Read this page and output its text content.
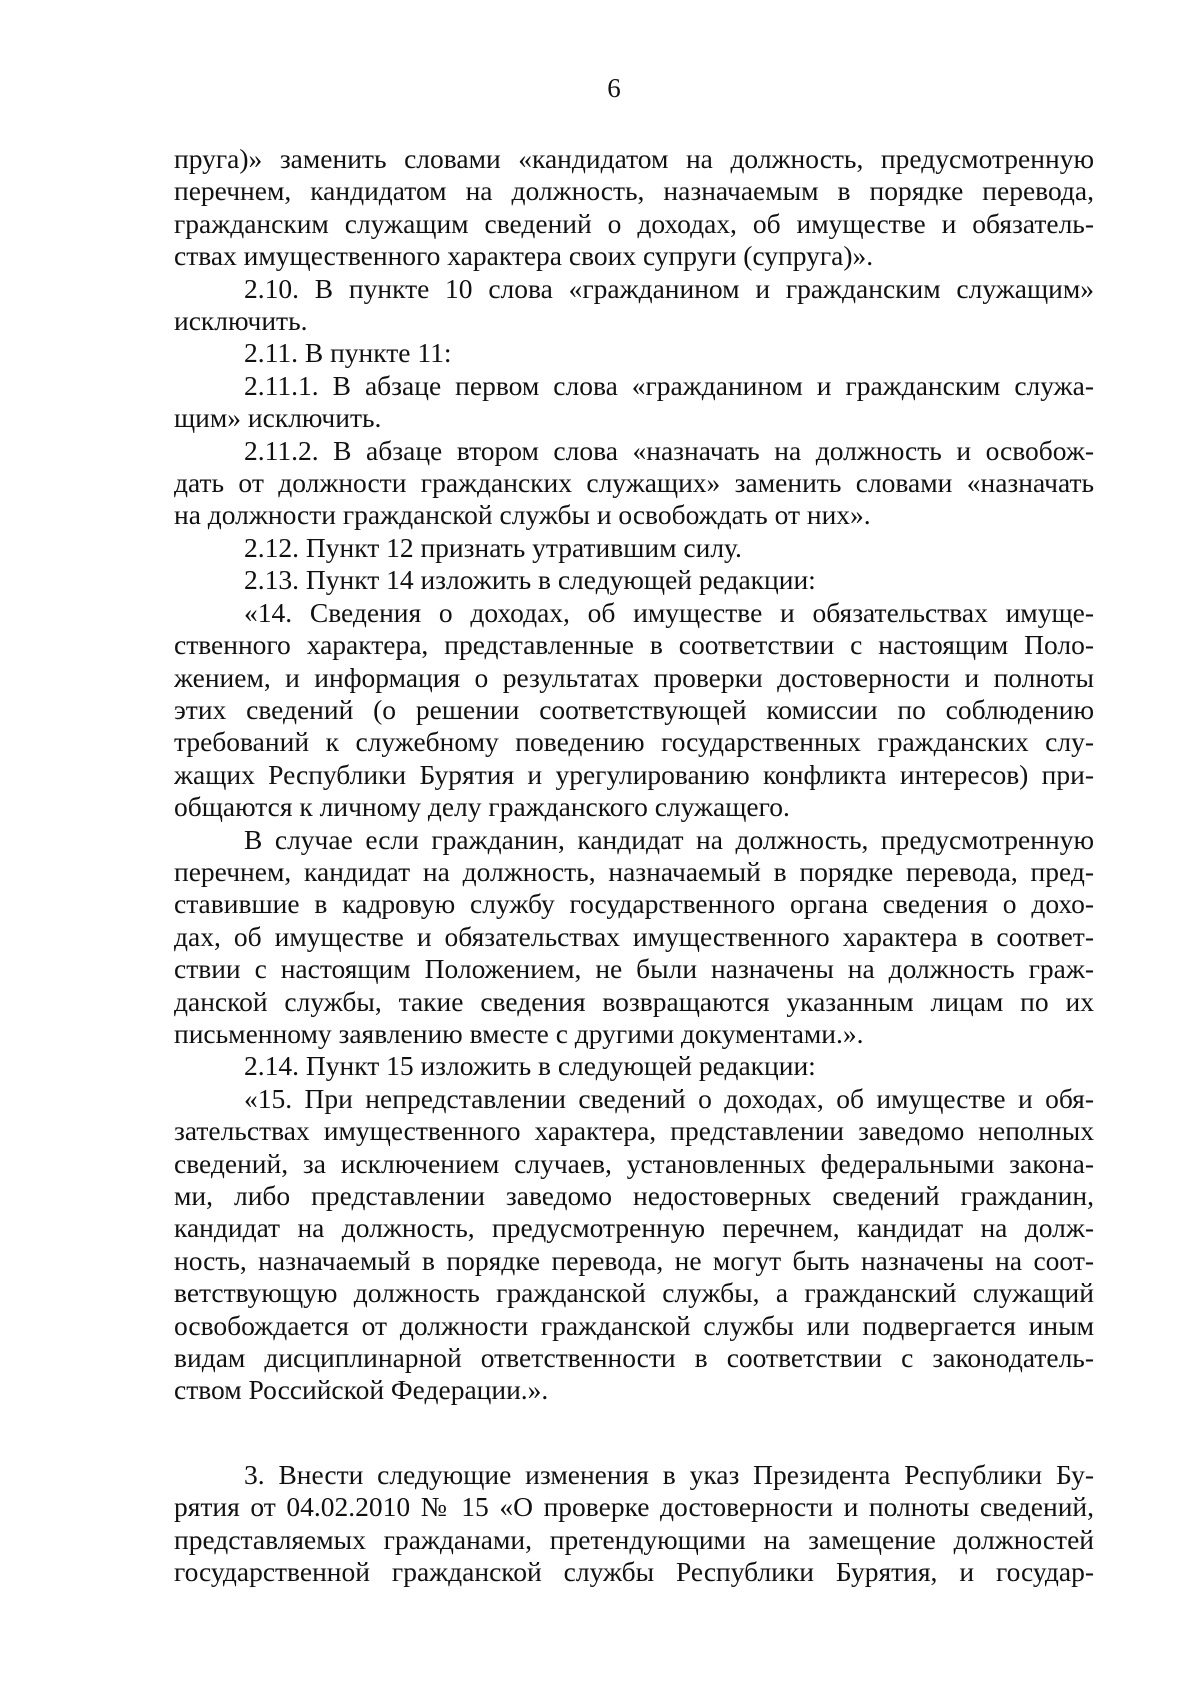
6
пруга)» заменить словами «кандидатом на должность, предусмотренную
перечнем, кандидатом на должность, назначаемым в порядке перевода,
гражданским служащим сведений о доходах, об имуществе и обязатель-
ствах имущественного характера своих супруги (супруга)».
2.10. В пункте 10 слова «гражданином и гражданским служащим»
исключить.
2.11. В пункте 11:
2.11.1. В абзаце первом слова «гражданином и гражданским служа-
щим» исключить.
2.11.2. В абзаце втором слова «назначать на должность и освобож-
дать от должности гражданских служащих» заменить словами «назначать
на должности гражданской службы и освобождать от них».
2.12. Пункт 12 признать утратившим силу.
2.13. Пункт 14 изложить в следующей редакции:
«14. Сведения о доходах, об имуществе и обязательствах имуще-
ственного характера, представленные в соответствии с настоящим Поло-
жением, и информация о результатах проверки достоверности и полноты
этих сведений (о решении соответствующей комиссии по соблюдению
требований к служебному поведению государственных гражданских слу-
жащих Республики Бурятия и урегулированию конфликта интересов) при-
общаются к личному делу гражданского служащего.
В случае если гражданин, кандидат на должность, предусмотренную
перечнем, кандидат на должность, назначаемый в порядке перевода, пред-
ставившие в кадровую службу государственного органа сведения о дохо-
дах, об имуществе и обязательствах имущественного характера в соответ-
ствии с настоящим Положением, не были назначены на должность граж-
данской службы, такие сведения возвращаются указанным лицам по их
письменному заявлению вместе с другими документами.».
2.14. Пункт 15 изложить в следующей редакции:
«15. При непредставлении сведений о доходах, об имуществе и обя-
зательствах имущественного характера, представлении заведомо неполных
сведений, за исключением случаев, установленных федеральными закона-
ми, либо представлении заведомо недостоверных сведений гражданин,
кандидат на должность, предусмотренную перечнем, кандидат на долж-
ность, назначаемый в порядке перевода, не могут быть назначены на соот-
ветствующую должность гражданской службы, а гражданский служащий
освобождается от должности гражданской службы или подвергается иным
видам дисциплинарной ответственности в соответствии с законодатель-
ством Российской Федерации.».
3. Внести следующие изменения в указ Президента Республики Бу-
рятия от 04.02.2010 № 15 «О проверке достоверности и полноты сведений,
представляемых гражданами, претендующими на замещение должностей
государственной гражданской службы Республики Бурятия, и государ-
